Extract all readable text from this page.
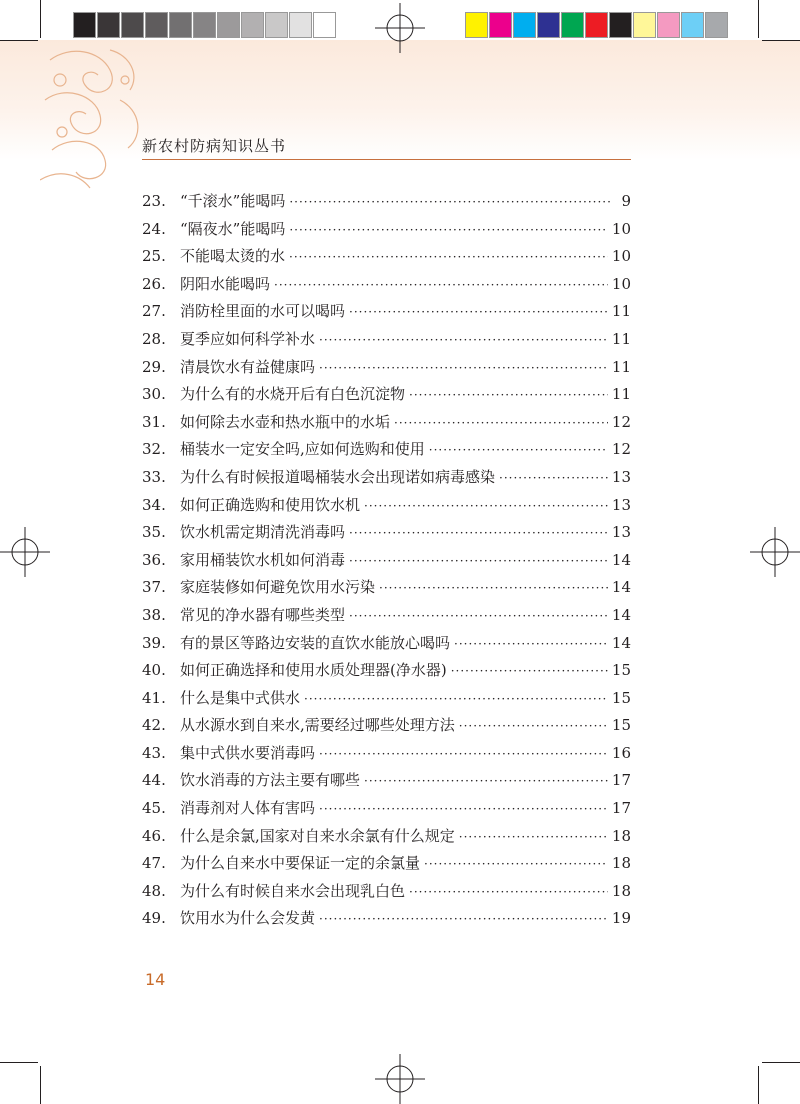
新农村防病知识丛书
23. “千滚水”能喝吗 ·····	9
24. “隔夜水”能喝吗 ·····	10
25. 不能喝太烫的水 ·····	10
26. 阴阳水能喝吗 ·····	10
27. 消防栓里面的水可以喝吗 ·····	11
28. 夏季应如何科学补水 ·····	11
29. 清晨饮水有益健康吗 ·····	11
30. 为什么有的水烧开后有白色沉淀物 ·····	11
31. 如何除去水壶和热水瓶中的水垢 ·····	12
32. 桶装水一定安全吗,应如何选购和使用 ·····	12
33. 为什么有时候报道喝桶装水会出现诺如病毒感染 ·····	13
34. 如何正确选购和使用饮水机 ·····	13
35. 饮水机需定期清洗消毒吗 ·····	13
36. 家用桶装饮水机如何消毒 ·····	14
37. 家庭装修如何避免饮用水污染 ·····	14
38. 常见的净水器有哪些类型 ·····	14
39. 有的景区等路边安装的直饮水能放心喝吗 ·····	14
40. 如何正确选择和使用水质处理器(净水器) ·····	15
41. 什么是集中式供水 ·····	15
42. 从水源水到自来水,需要经过哪些处理方法 ·····	15
43. 集中式供水要消毒吗 ·····	16
44. 饮水消毒的方法主要有哪些 ·····	17
45. 消毒剂对人体有害吗 ·····	17
46. 什么是余氯,国家对自来水余氯有什么规定 ·····	18
47. 为什么自来水中要保证一定的余氯量 ·····	18
48. 为什么有时候自来水会出现乳白色 ·····	18
49. 饮用水为什么会发黄 ·····	19
14
